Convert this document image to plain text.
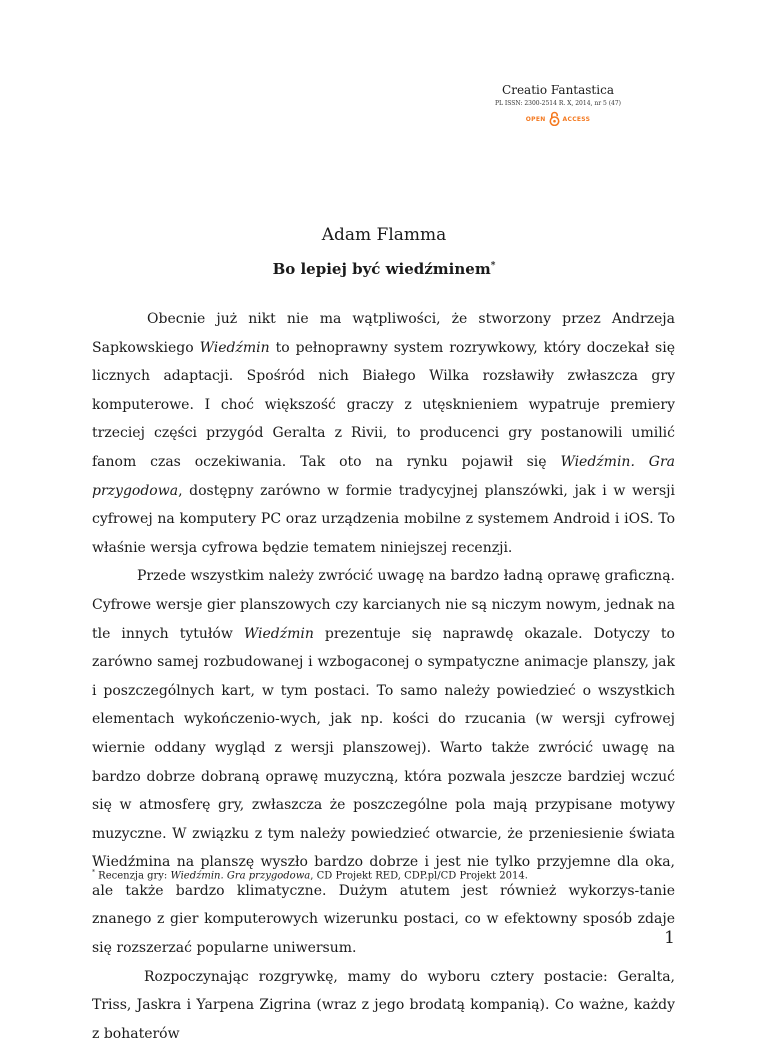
Creatio Fantastica
PL ISSN: 2300-2514 R. X, 2014, nr 5 (47)
OPEN	ACCESS
Adam Flamma
Bo lepiej być wiedźminem*

Obecnie już nikt nie ma wątpliwości, że stworzony przez Andrzeja Sapkowskiego Wiedźmin to pełnoprawny system rozrywkowy, który doczekał się licznych adaptacji. Spośród nich Białego Wilka rozsławiły zwłaszcza gry komputerowe. I choć większość graczy z utęsknieniem wypatruje premiery trzeciej części przygód Geralta z Rivii, to producenci gry postanowili umilić fanom czas oczekiwania. Tak oto na rynku pojawił się Wiedźmin. Gra przygodowa, dostępny zarówno w formie tradycyjnej planszówki, jak i w wersji cyfrowej na komputery PC oraz urządzenia mobilne z systemem Android i iOS. To właśnie wersja cyfrowa będzie tematem niniejszej recenzji.

Przede wszystkim należy zwrócić uwagę na bardzo ładną oprawę graficzną. Cyfrowe wersje gier planszowych czy karcianych nie są niczym nowym, jednak na tle innych tytułów Wiedźmin prezentuje się naprawdę okazale. Dotyczy to zarówno samej rozbudowanej i wzbogaconej o sympatyczne animacje planszy, jak i poszczególnych kart, w tym postaci. To samo należy powiedzieć o wszystkich elementach wykończenio-wych, jak np. kości do rzucania (w wersji cyfrowej wiernie oddany wygląd z wersji planszowej). Warto także zwrócić uwagę na bardzo dobrze dobraną oprawę muzyczną, która pozwala jeszcze bardziej wczuć się w atmosferę gry, zwłaszcza że poszczególne pola mają przypisane motywy muzyczne. W związku z tym należy powiedzieć otwarcie, że przeniesienie świata Wiedźmina na planszę wyszło bardzo dobrze i jest nie tylko przyjemne dla oka, ale także bardzo klimatyczne. Dużym atutem jest również wykorzys-tanie znanego z gier komputerowych wizerunku postaci, co w efektowny sposób zdaje się rozszerzać popularne uniwersum.

Rozpoczynając rozgrywkę, mamy do wyboru cztery postacie: Geralta, Triss, Jaskra i Yarpena Zigrina (wraz z jego brodatą kompanią). Co ważne, każdy z bohaterów

* Recenzja gry: Wiedźmin. Gra przygodowa, CD Projekt RED, CDP.pl/CD Projekt 2014.
1
